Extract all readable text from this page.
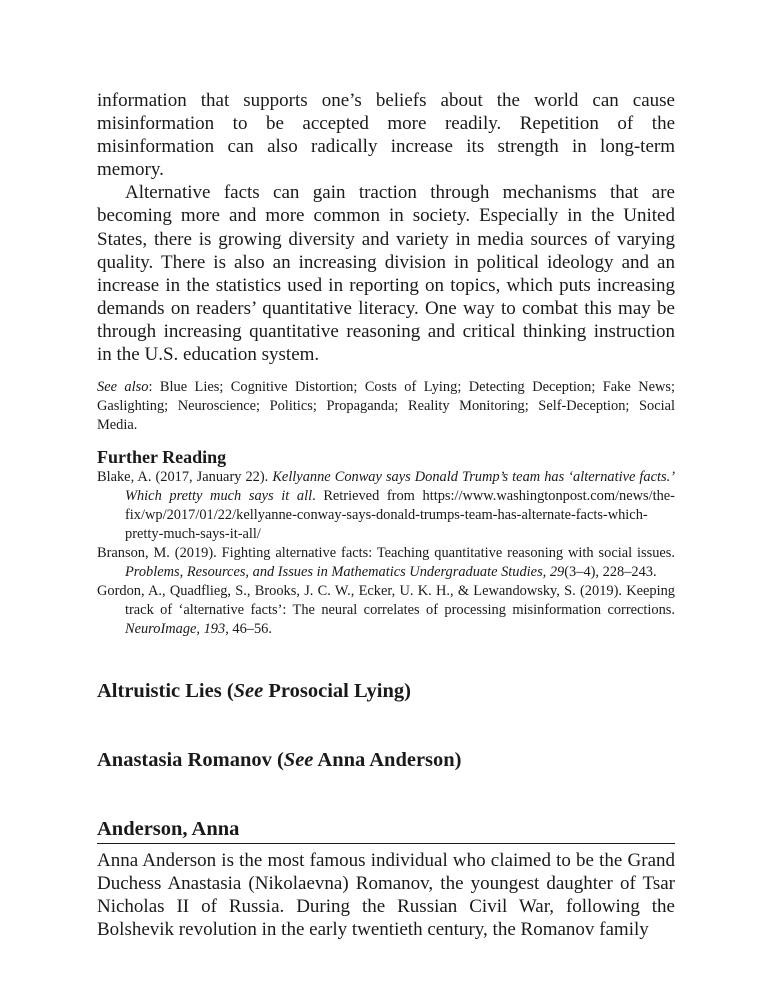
information that supports one’s beliefs about the world can cause misinformation to be accepted more readily. Repetition of the misinformation can also radically increase its strength in long-term memory.

Alternative facts can gain traction through mechanisms that are becoming more and more common in society. Especially in the United States, there is growing diversity and variety in media sources of varying quality. There is also an increasing division in political ideology and an increase in the statistics used in reporting on topics, which puts increasing demands on readers’ quantitative literacy. One way to combat this may be through increasing quantitative reasoning and critical thinking instruction in the U.S. education system.

See also: Blue Lies; Cognitive Distortion; Costs of Lying; Detecting Deception; Fake News; Gaslighting; Neuroscience; Politics; Propaganda; Reality Monitoring; Self-Deception; Social Media.

Further Reading

Blake, A. (2017, January 22). Kellyanne Conway says Donald Trump’s team has ‘alternative facts.’ Which pretty much says it all. Retrieved from https://www.washingtonpost.com/news/the-fix/wp/2017/01/22/kellyanne-conway-says-donald-trumps-team-has-alternate-facts-which-pretty-much-says-it-all/

Branson, M. (2019). Fighting alternative facts: Teaching quantitative reasoning with social issues. Problems, Resources, and Issues in Mathematics Undergraduate Studies, 29(3–4), 228–243.

Gordon, A., Quadflieg, S., Brooks, J. C. W., Ecker, U. K. H., & Lewandowsky, S. (2019). Keeping track of ‘alternative facts’: The neural correlates of processing misinformation corrections. NeuroImage, 193, 46–56.

Altruistic Lies (See Prosocial Lying)
Anastasia Romanov (See Anna Anderson)
Anderson, Anna

Anna Anderson is the most famous individual who claimed to be the Grand Duchess Anastasia (Nikolaevna) Romanov, the youngest daughter of Tsar Nicholas II of Russia. During the Russian Civil War, following the Bolshevik revolution in the early twentieth century, the Romanov family
